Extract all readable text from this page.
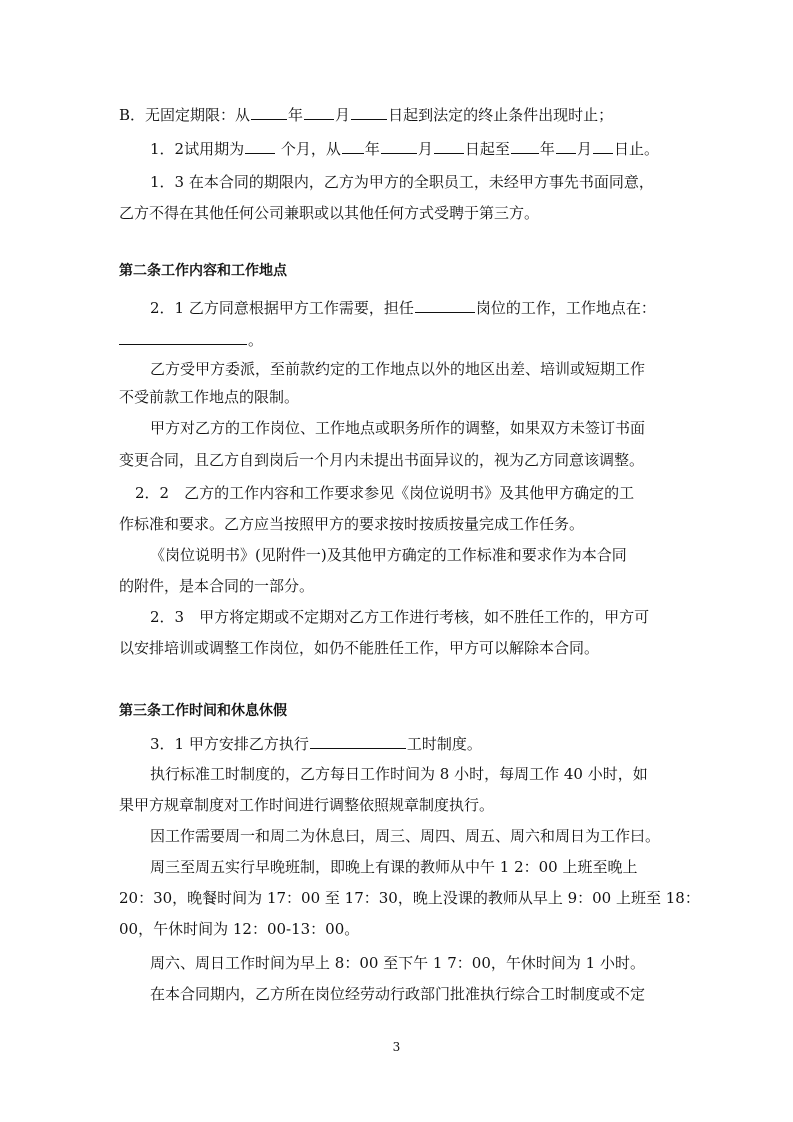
B．无固定期限：从	年 月	日起到法定的终止条件出现时止；
1．2试用期为 个月，从 年	月 日起至 年 月 日止。
1．3 在本合同的期限内，乙方为甲方的全职员工，未经甲方事先书面同意，
乙方不得在其他任何公司兼职或以其他任何方式受聘于第三方。
第二条工作内容和工作地点
2．1 乙方同意根据甲方工作需要，担任	岗位的工作，工作地点在：
。
乙方受甲方委派，至前款约定的工作地点以外的地区出差、培训或短期工作
不受前款工作地点的限制。
甲方对乙方的工作岗位、工作地点或职务所作的调整，如果双方未签订书面
变更合同，且乙方自到岗后一个月内未提出书面异议的，视为乙方同意该调整。
2．2　乙方的工作内容和工作要求参见《岗位说明书》及其他甲方确定的工
作标准和要求。乙方应当按照甲方的要求按时按质按量完成工作任务。
《岗位说明书》(见附件一)及其他甲方确定的工作标准和要求作为本合同
的附件，是本合同的一部分。
2．3　甲方将定期或不定期对乙方工作进行考核，如不胜任工作的，甲方可
以安排培训或调整工作岗位，如仍不能胜任工作，甲方可以解除本合同。
第三条工作时间和休息休假
3．1 甲方安排乙方执行	工时制度。
执行标准工时制度的，乙方每日工作时间为 8 小时，每周工作 40 小时，如
果甲方规章制度对工作时间进行调整依照规章制度执行。
因工作需要周一和周二为休息曰，周三、周四、周五、周六和周日为工作曰。
周三至周五实行早晚班制，即晚上有课的教师从中午 1 2：00 上班至晚上
20：30，晚餐时间为 17：00 至 17：30，晚上没课的教师从早上 9：00 上班至 18：
00，午休时间为 12：00-13：00。
周六、周日工作时间为早上 8：00 至下午 1 7：00，午休时间为 1 小时。
在本合同期内，乙方所在岗位经劳动行政部门批准执行综合工时制度或不定
3
